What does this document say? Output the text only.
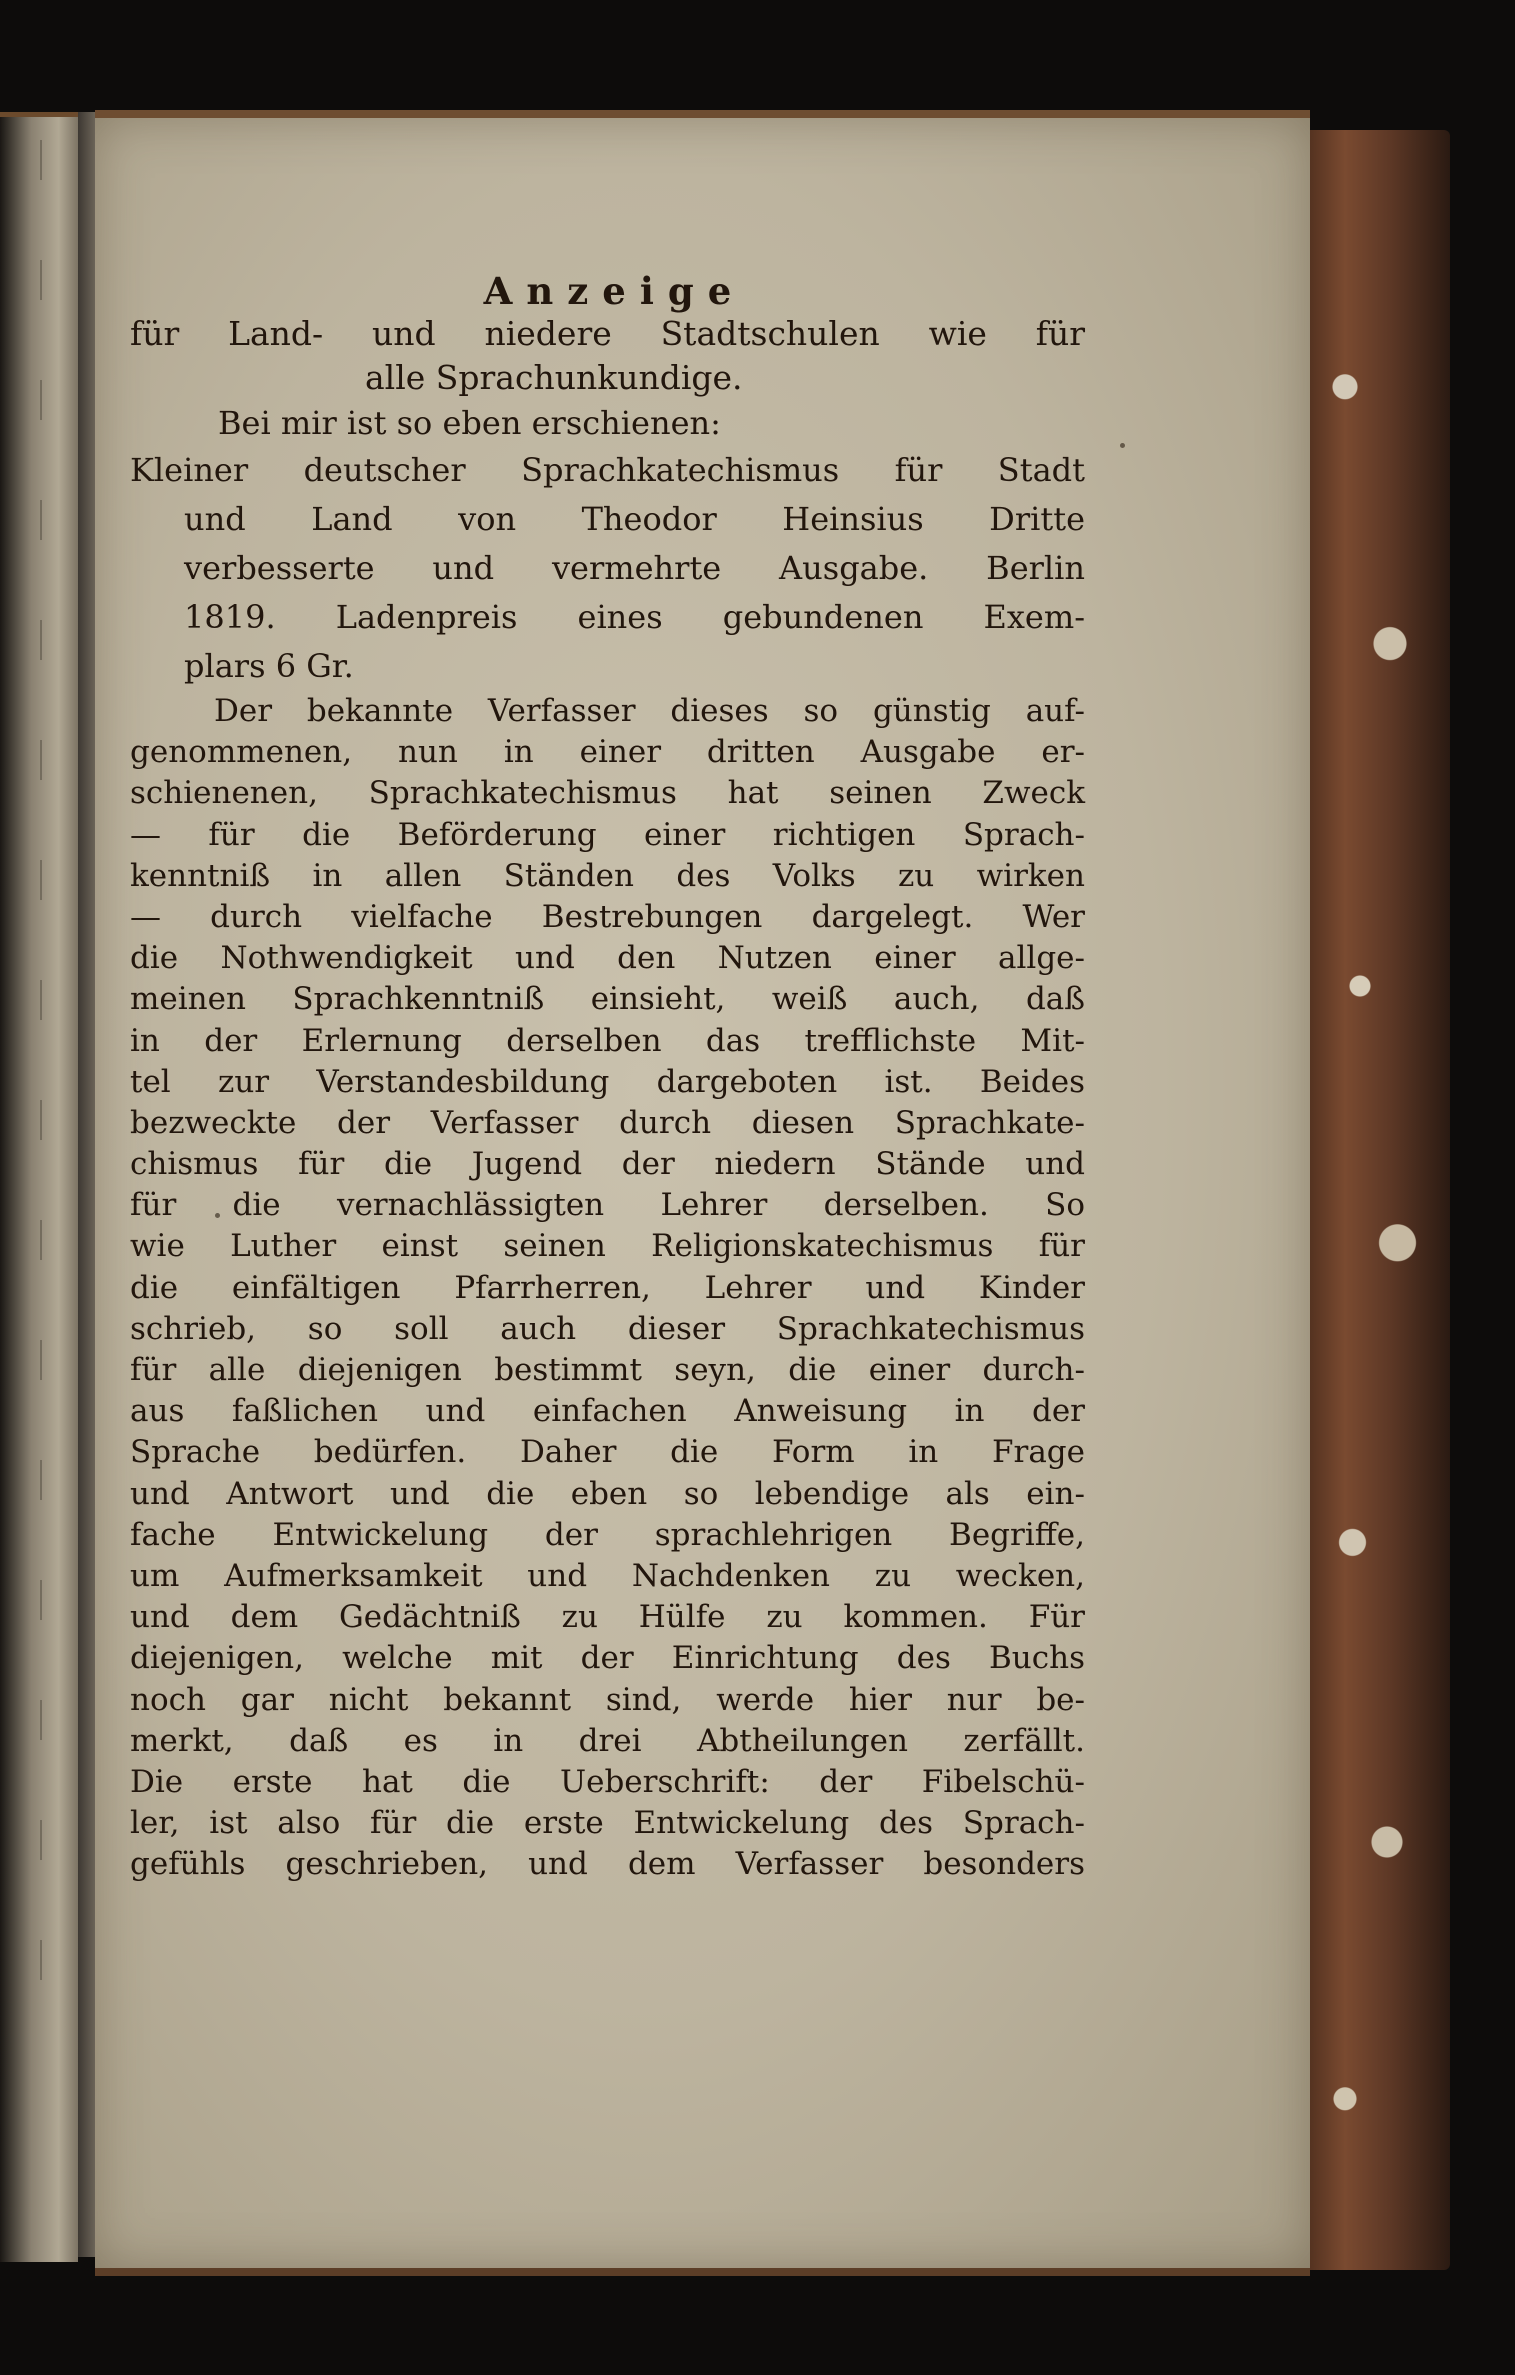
Anzeige
für Land- und niedere Stadtschulen wie für
alle Sprachunkundige.
Bei mir ist so eben erschienen:
Kleiner deutscher Sprachkatechismus für Stadt
und Land von Theodor Heinsius Dritte
verbesserte und vermehrte Ausgabe. Berlin
1819. Ladenpreis eines gebundenen Exem-
plars 6 Gr.
Der bekannte Verfasser dieses so günstig auf-
genommenen, nun in einer dritten Ausgabe er-
schienenen, Sprachkatechismus hat seinen Zweck
— für die Beförderung einer richtigen Sprach-
kenntniß in allen Ständen des Volks zu wirken
— durch vielfache Bestrebungen dargelegt. Wer
die Nothwendigkeit und den Nutzen einer allge-
meinen Sprachkenntniß einsieht, weiß auch, daß
in der Erlernung derselben das trefflichste Mit-
tel zur Verstandesbildung dargeboten ist. Beides
bezweckte der Verfasser durch diesen Sprachkate-
chismus für die Jugend der niedern Stände und
für die vernachlässigten Lehrer derselben. So
wie Luther einst seinen Religionskatechismus für
die einfältigen Pfarrherren, Lehrer und Kinder
schrieb, so soll auch dieser Sprachkatechismus
für alle diejenigen bestimmt seyn, die einer durch-
aus faßlichen und einfachen Anweisung in der
Sprache bedürfen. Daher die Form in Frage
und Antwort und die eben so lebendige als ein-
fache Entwickelung der sprachlehrigen Begriffe,
um Aufmerksamkeit und Nachdenken zu wecken,
und dem Gedächtniß zu Hülfe zu kommen. Für
diejenigen, welche mit der Einrichtung des Buchs
noch gar nicht bekannt sind, werde hier nur be-
merkt, daß es in drei Abtheilungen zerfällt.
Die erste hat die Ueberschrift: der Fibelschü-
ler, ist also für die erste Entwickelung des Sprach-
gefühls geschrieben, und dem Verfasser besonders
